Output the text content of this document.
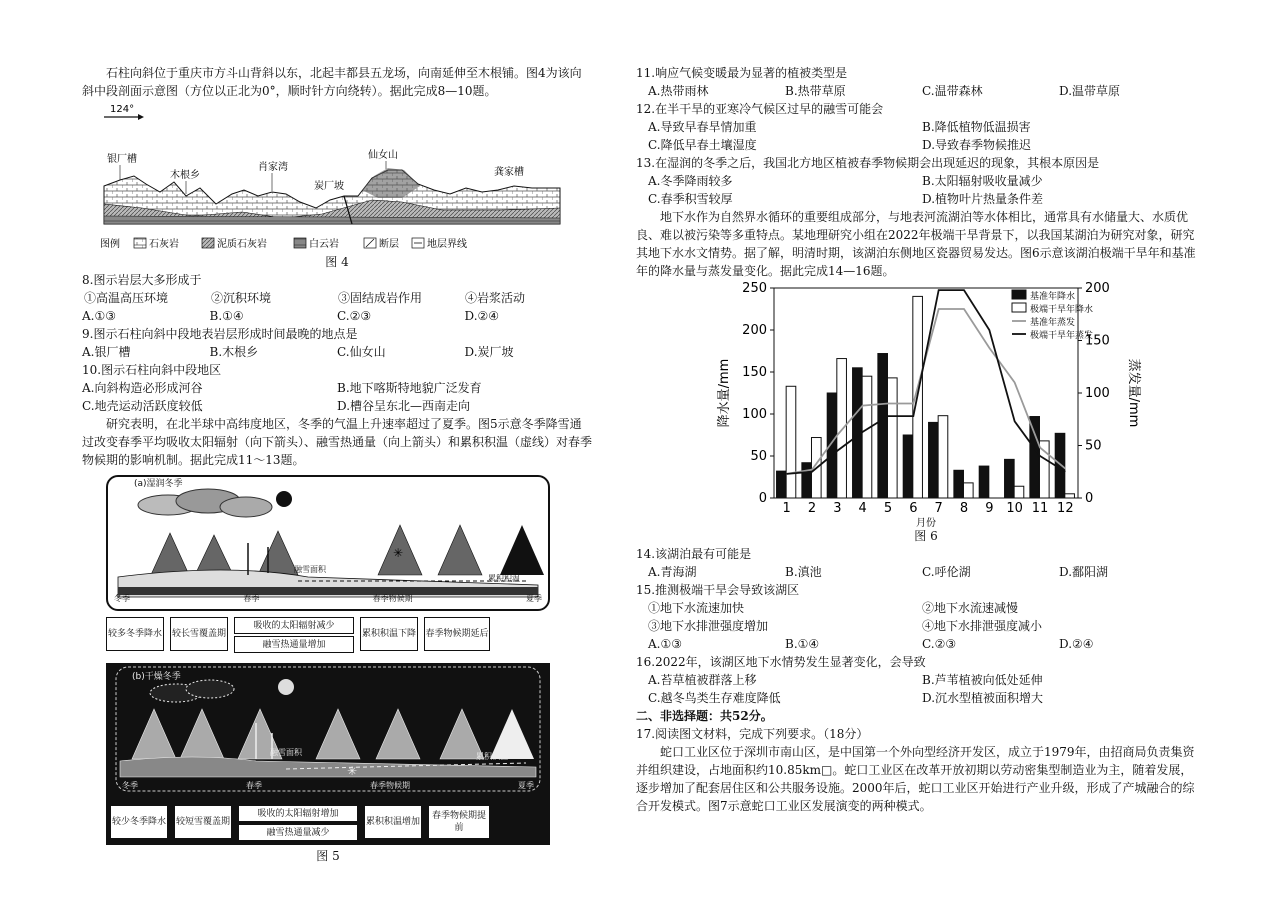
石柱向斜位于重庆市方斗山背斜以东，北起丰都县五龙场，向南延伸至木根铺。图4为该向斜中段剖面示意图（方位以正北为0°，顺时针方向绕转）。据此完成8—10题。

124°
银厂槽
木根乡
肖家湾
仙女山
炭厂坡
龚家槽
图例	石灰岩	泥质石灰岩	白云岩	断层	地层界线
图 4

8.图示岩层大多形成于

①高温高压环境	②沉积环境	③固结成岩作用	④岩浆活动
A.①③	B.①④	C.②③	D.②④

9.图示石柱向斜中段地表岩层形成时间最晚的地点是

A.银厂槽	B.木根乡	C.仙女山	D.炭厂坡

10.图示石柱向斜中段地区

A.向斜构造必形成河谷	B.地下喀斯特地貌广泛发育
C.地壳运动活跃度较低	D.槽谷呈东北—西南走向

研究表明，在北半球中高纬度地区，冬季的气温上升速率超过了夏季。图5示意冬季降雪通过改变春季平均吸收太阳辐射（向下箭头）、融雪热通量（向上箭头）和累积积温（虚线）对春季物候期的影响机制。据此完成11～13题。

(a)湿润冬季
✳
融雪面积
累积积温
冬季	春季	春季物候期	夏季
较多冬季降水 较长雪覆盖期
吸收的太阳辐射减少
融雪热通量增加
累积积温下降 春季物候期延后
(b)干燥冬季
✳
融雪面积	累积积温
冬季	春季	春季物候期	夏季
较少冬季降水 较短雪覆盖期
吸收的太阳辐射增加
融雪热通量减少
累积积温增加
春季物候期提前
图 5

11.响应气候变暖最为显著的植被类型是

A.热带雨林	B.热带草原	C.温带森林	D.温带草原

12.在半干旱的亚寒冷气候区过早的融雪可能会

A.导致早春旱情加重	B.降低植物低温损害
C.降低早春土壤湿度	D.导致春季物候推迟

13.在湿润的冬季之后，我国北方地区植被春季物候期会出现延迟的现象，其根本原因是

A.冬季降雨较多	B.太阳辐射吸收量减少
C.春季积雪较厚	D.植物叶片热量条件差

地下水作为自然界水循环的重要组成部分，与地表河流湖泊等水体相比，通常具有水储量大、水质优良、难以被污染等多重特点。某地理研究小组在2022年极端干旱背景下，以我国某湖泊为研究对象，研究其地下水水文情势。据了解，明清时期，该湖泊东侧地区瓷器贸易发达。图6示意该湖泊极端干旱年和基准年的降水量与蒸发量变化。据此完成14—16题。

0
50
100
150
200
250
0
50
100
150
200
降水量/mm	蒸发量/mm
1 2 3 4 5 6 7 8 9 10 11 12
月份
基准年降水
极端干旱年降水
基准年蒸发
极端干旱年蒸发
图 6

14.该湖泊最有可能是

A.青海湖	B.滇池	C.呼伦湖	D.鄱阳湖

15.推测极端干旱会导致该湖区

①地下水流速加快	②地下水流速减慢
③地下水排泄强度增加	④地下水排泄强度减小
A.①③	B.①④	C.②③	D.②④

16.2022年，该湖区地下水情势发生显著变化，会导致

A.苔草植被群落上移	B.芦苇植被向低处延伸
C.越冬鸟类生存难度降低	D.沉水型植被面积增大

二、非选择题：共52分。

17.阅读图文材料，完成下列要求。（18分）

蛇口工业区位于深圳市南山区，是中国第一个外向型经济开发区，成立于1979年，由招商局负责集资并组织建设，占地面积约10.85km□。蛇口工业区在改革开放初期以劳动密集型制造业为主，随着发展，逐步增加了配套居住区和公共服务设施。2000年后，蛇口工业区开始进行产业升级，形成了产城融合的综合开发模式。图7示意蛇口工业区发展演变的两种模式。
